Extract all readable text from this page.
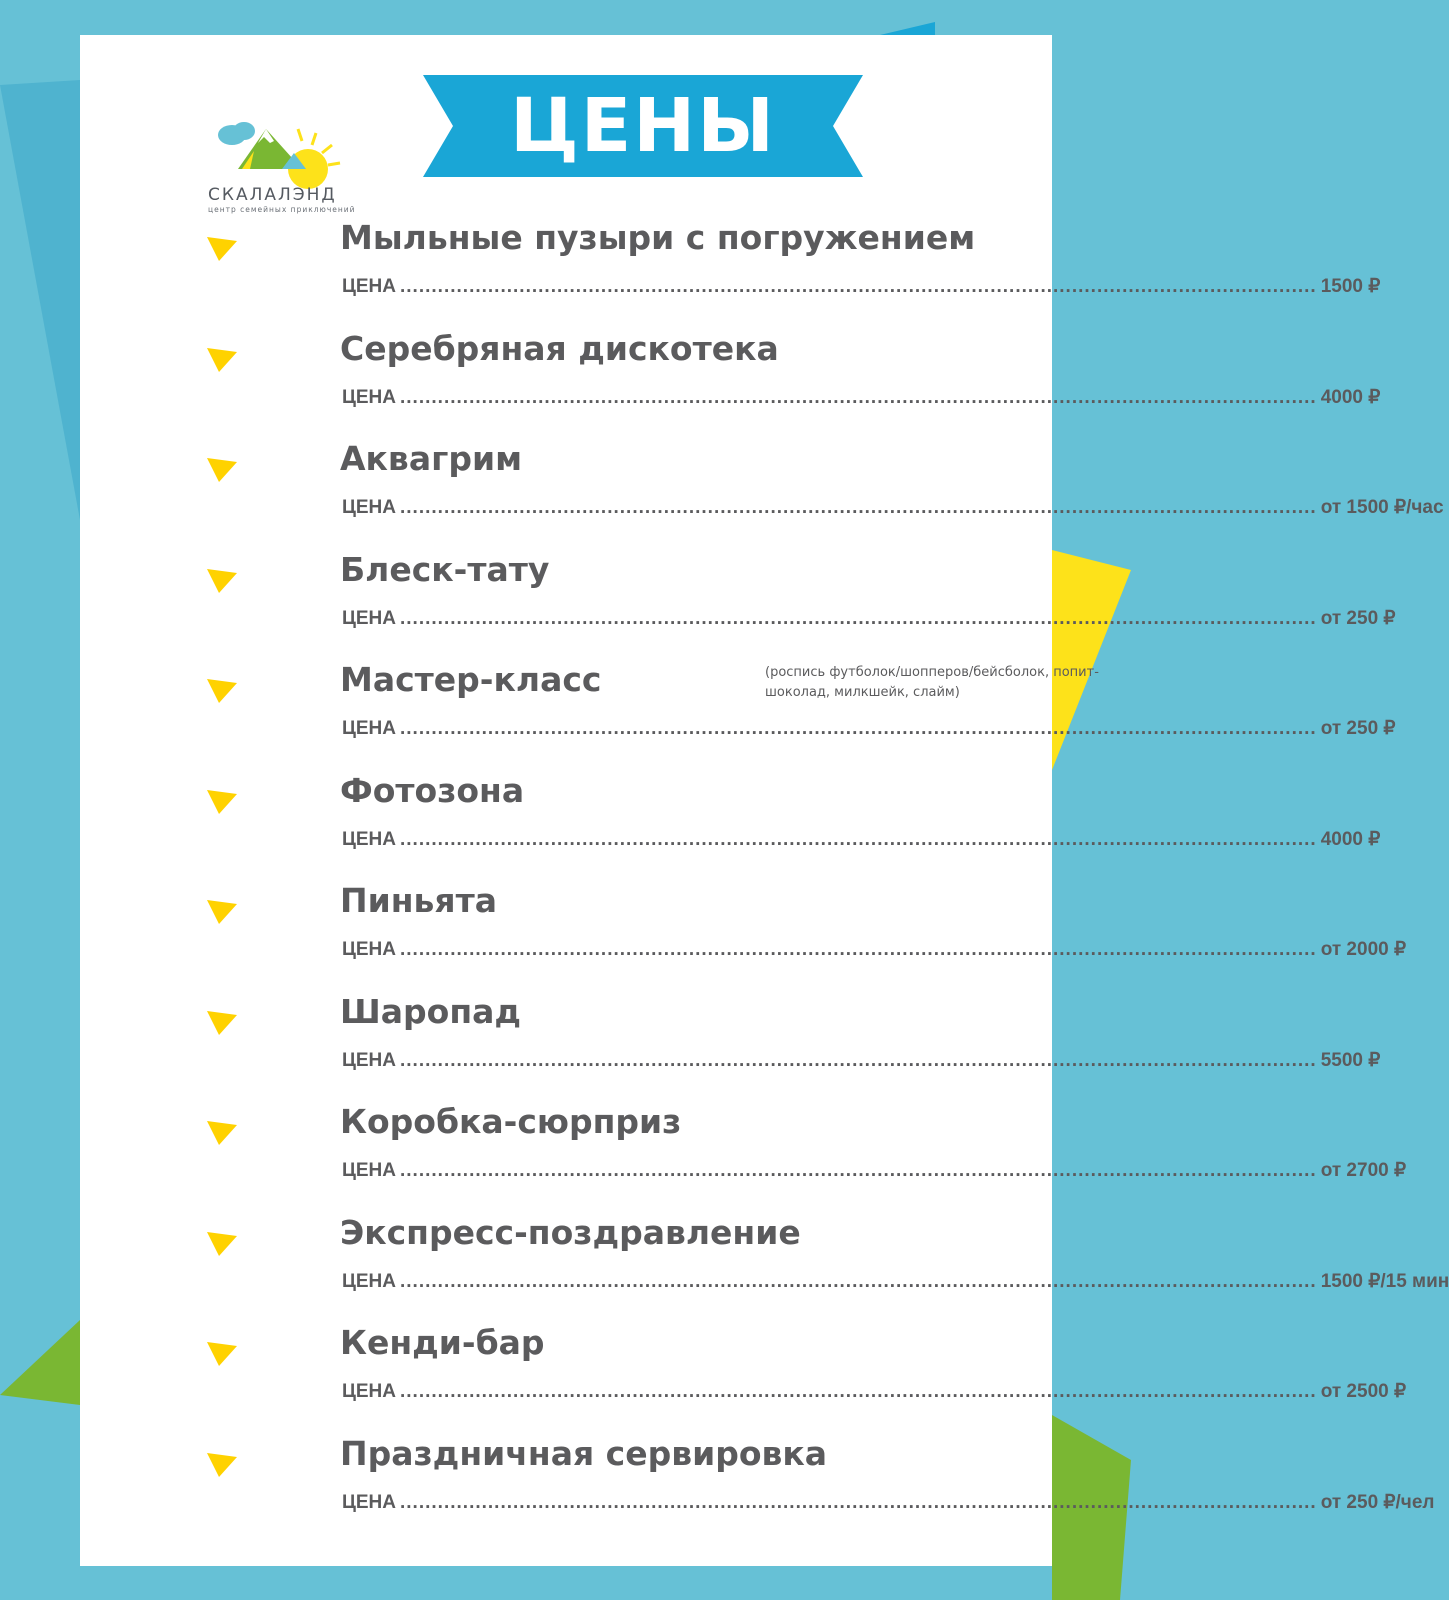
СКАЛАЛЭНД
центр семейных приключений
ЦЕНЫ
Мыльные пузыри с погружением
ЦЕНА .................................................................................................................................................. 1500 ₽
Серебряная дискотека
ЦЕНА .................................................................................................................................................. 4000 ₽
Аквагрим
ЦЕНА .................................................................................................................................................. от 1500 ₽/час
Блеск-тату
ЦЕНА .................................................................................................................................................. от 250 ₽
Мастер-класс	(роспись футболок/шопперов/бейсболок, попит-шоколад, милкшейк, слайм)
ЦЕНА .................................................................................................................................................. от 250 ₽
Фотозона
ЦЕНА .................................................................................................................................................. 4000 ₽
Пиньята
ЦЕНА .................................................................................................................................................. от 2000 ₽
Шаропад
ЦЕНА .................................................................................................................................................. 5500 ₽
Коробка-сюрприз
ЦЕНА .................................................................................................................................................. от 2700 ₽
Экспресс-поздравление
ЦЕНА .................................................................................................................................................. 1500 ₽/15 мин
Кенди-бар
ЦЕНА .................................................................................................................................................. от 2500 ₽
Праздничная сервировка
ЦЕНА .................................................................................................................................................. от 250 ₽/чел
